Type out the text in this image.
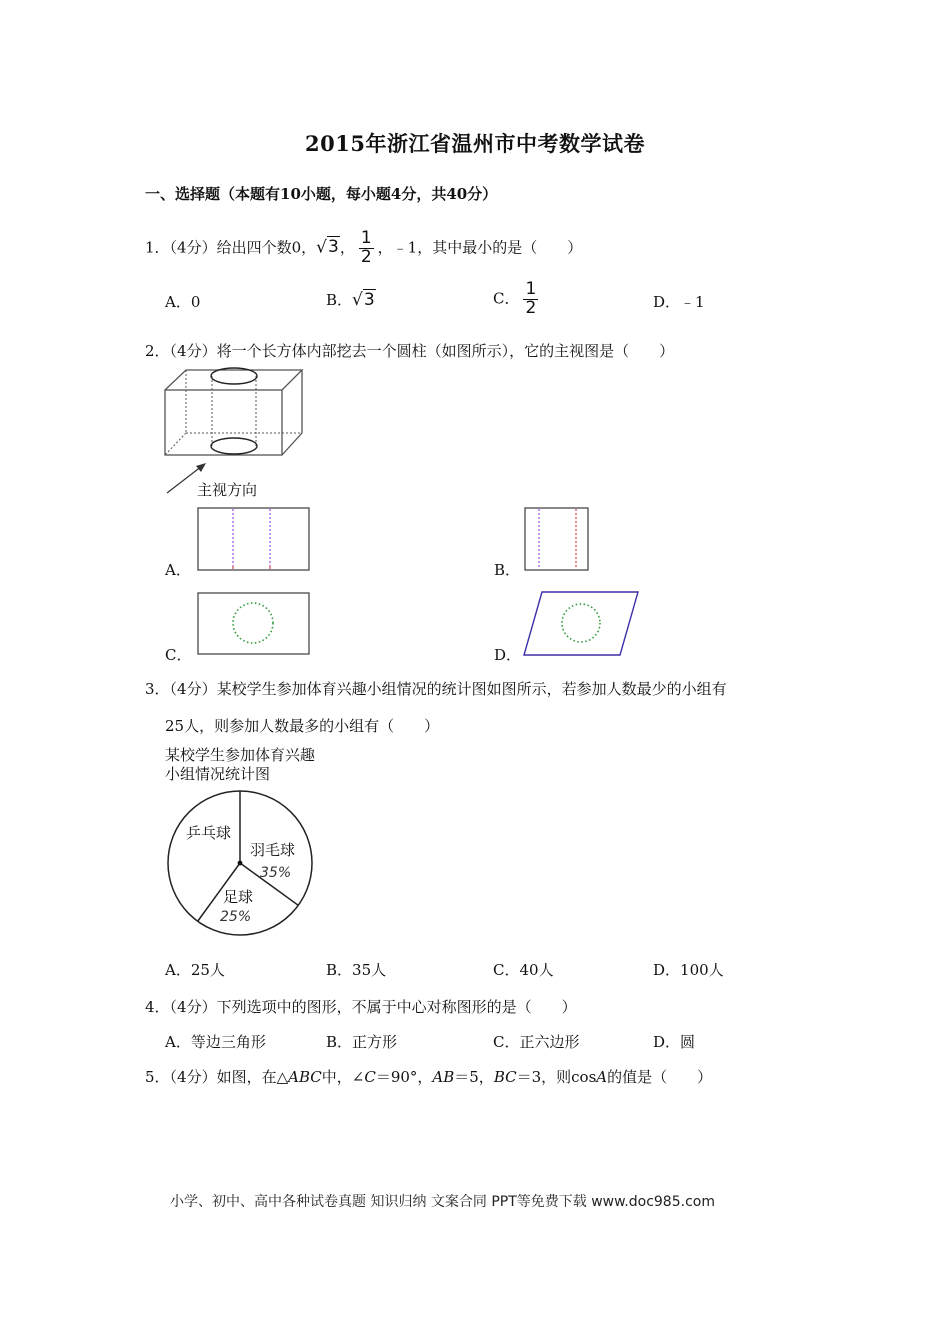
2015年浙江省温州市中考数学试卷
一、选择题（本题有10小题，每小题4分，共40分）
1．（4分）给出四个数0，√3， $\frac{1}{2}$ ，﹣1，其中最小的是（　　）
A．0	B．√3	C． $\frac{1}{2}$	D．﹣1
2．（4分）将一个长方体内部挖去一个圆柱（如图所示），它的主视图是（　　）
主视方向
A．	B．
C．	D．
3．（4分）某校学生参加体育兴趣小组情况的统计图如图所示，若参加人数最少的小组有
25人，则参加人数最多的小组有（　　）
某校学生参加体育兴趣
小组情况统计图
乒乓球
羽毛球
35%
足球
25%
A．25人	B．35人	C．40人	D．100人
4．（4分）下列选项中的图形，不属于中心对称图形的是（　　）
A．等边三角形	B．正方形	C．正六边形	D．圆
5．（4分）如图，在△ABC中，∠C＝90°，AB＝5，BC＝3，则cosA的值是（　　）
小学、初中、高中各种试卷真题 知识归纳 文案合同 PPT等免费下载 www.doc985.com
